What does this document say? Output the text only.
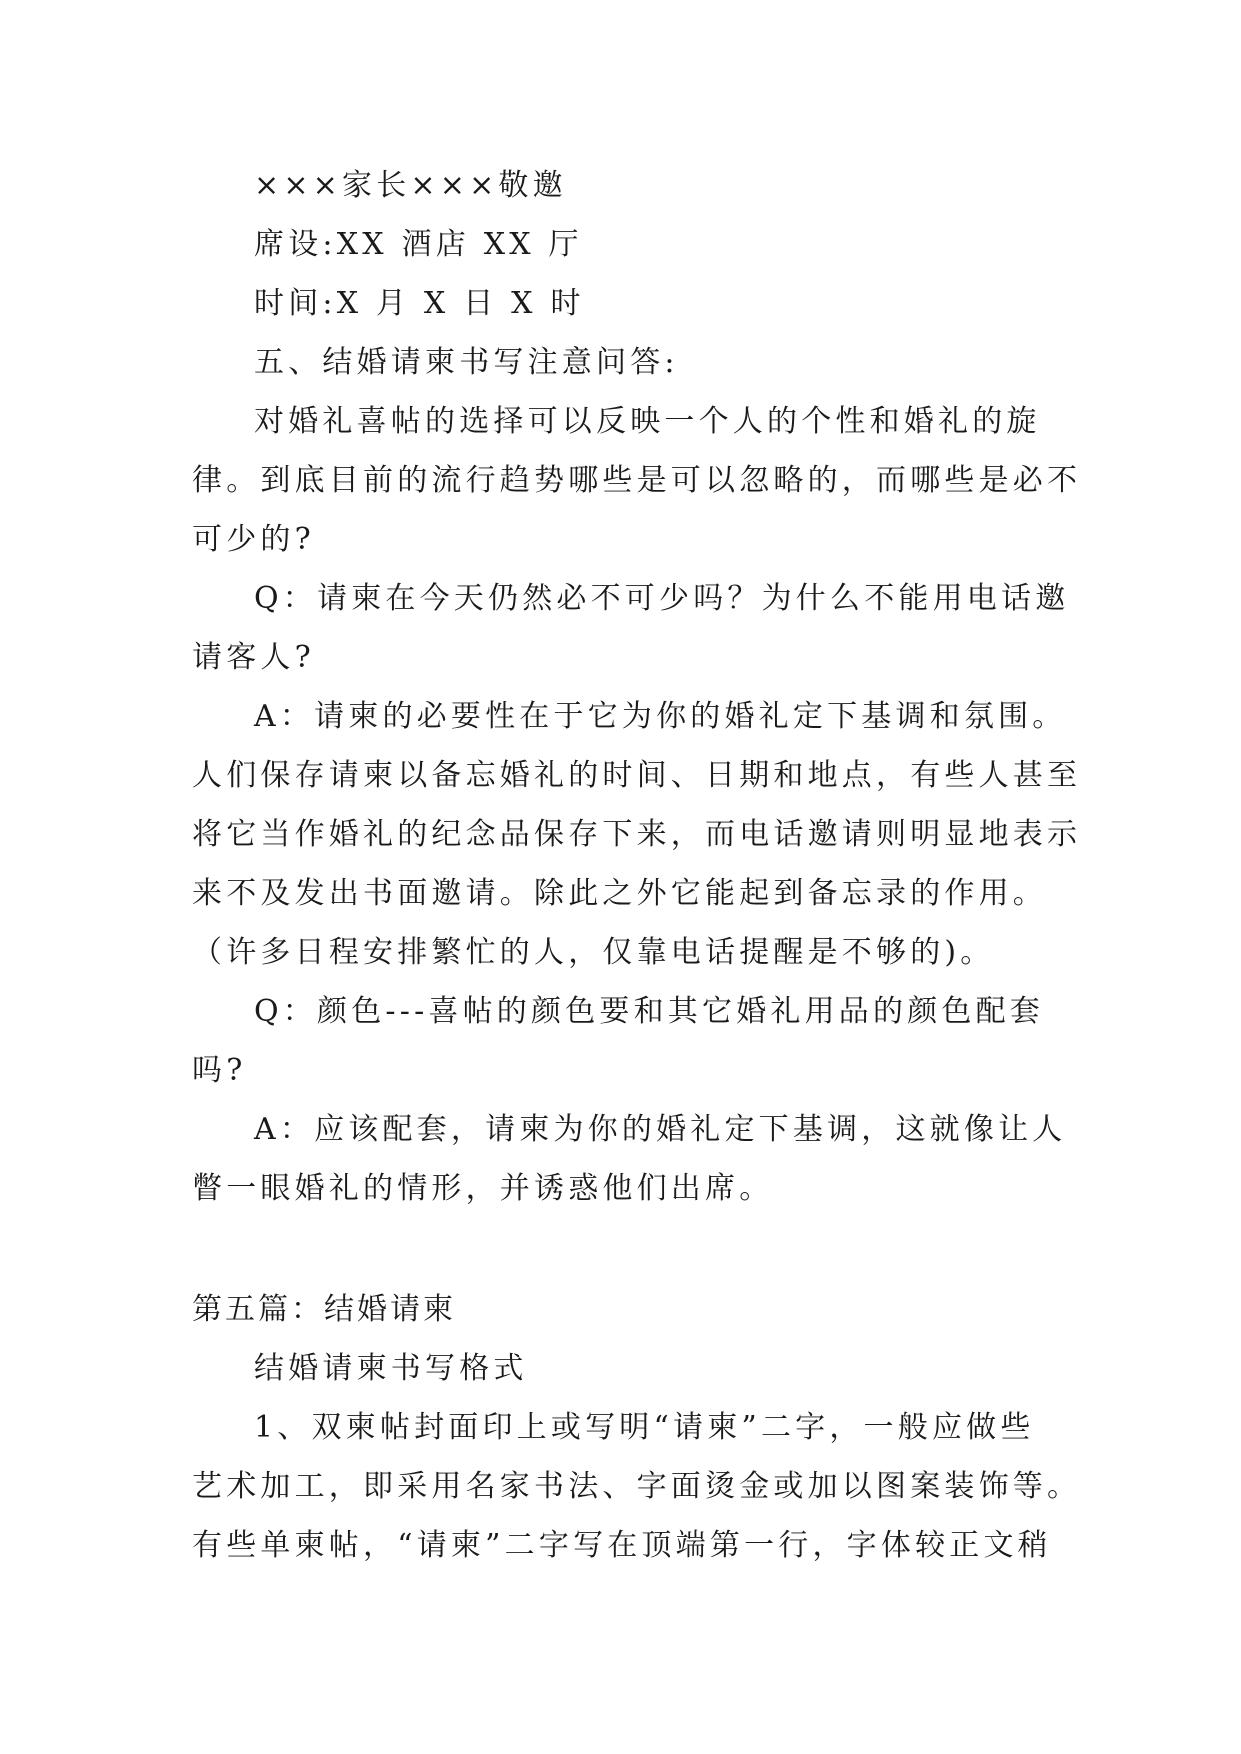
×××家长×××敬邀
席设:XX 酒店 XX 厅
时间:X 月 X 日 X 时
五、结婚请柬书写注意问答:
对婚礼喜帖的选择可以反映一个人的个性和婚礼的旋
律。到底目前的流行趋势哪些是可以忽略的，而哪些是必不
可少的?
Q：请柬在今天仍然必不可少吗？为什么不能用电话邀
请客人?
A：请柬的必要性在于它为你的婚礼定下基调和氛围。
人们保存请柬以备忘婚礼的时间、日期和地点，有些人甚至
将它当作婚礼的纪念品保存下来，而电话邀请则明显地表示
来不及发出书面邀请。除此之外它能起到备忘录的作用。
（许多日程安排繁忙的人，仅靠电话提醒是不够的)。
Q：颜色---喜帖的颜色要和其它婚礼用品的颜色配套
吗?
A：应该配套，请柬为你的婚礼定下基调，这就像让人
瞥一眼婚礼的情形，并诱惑他们出席。
第五篇：结婚请柬
结婚请柬书写格式
1、双柬帖封面印上或写明“请柬”二字，一般应做些
艺术加工，即采用名家书法、字面烫金或加以图案装饰等。
有些单柬帖，“请柬”二字写在顶端第一行，字体较正文稍
